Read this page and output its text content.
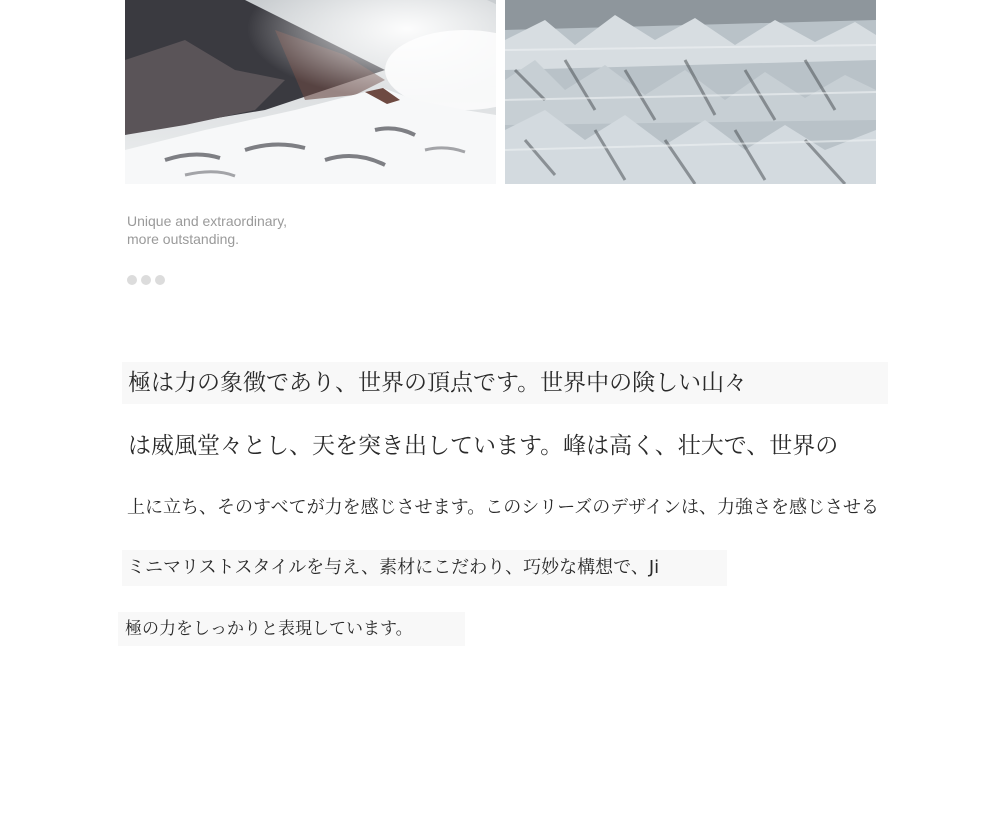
Unique and extraordinary,
more outstanding.
極は力の象徴であり、世界の頂点です。世界中の険しい山々
は威風堂々とし、天を突き出しています。峰は高く、壮大で、世界の
上に立ち、そのすべてが力を感じさせます。このシリーズのデザインは、力強さを感じさせる
ミニマリストスタイルを与え、素材にこだわり、巧妙な構想で、Ji
極の力をしっかりと表現しています。
